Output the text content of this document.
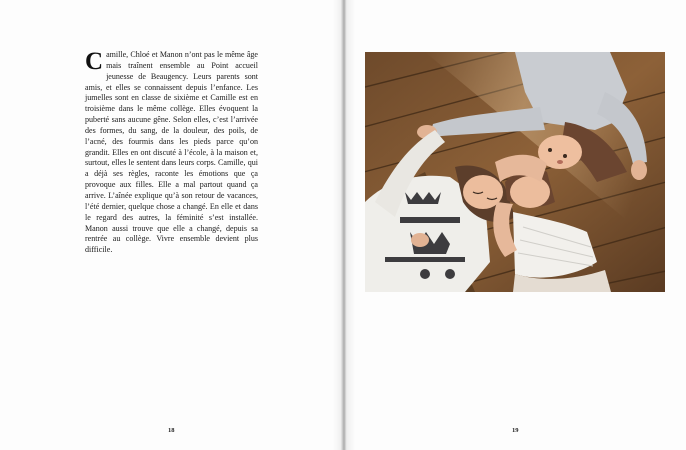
Camille, Chloé et Manon n’ont pas le même âge mais traînent ensemble au Point accueil jeunesse de Beaugency. Leurs parents sont amis, et elles se connaissent depuis l’enfance. Les jumelles sont en classe de sixième et Camille est en troisième dans le même collège. Elles évoquent la puberté sans aucune gêne. Selon elles, c’est l’arrivée des formes, du sang, de la douleur, des poils, de l’acné, des fourmis dans les pieds parce qu’on grandit. Elles en ont discuté à l’école, à la maison et, surtout, elles le sentent dans leurs corps. Camille, qui a déjà ses règles, raconte les émotions que ça provoque aux filles. Elle a mal partout quand ça arrive. L’aînée explique qu’à son retour de vacances, l’été dernier, quelque chose a changé. En elle et dans le regard des autres, la féminité s’est installée. Manon aussi trouve que elle a changé, depuis sa rentrée au collège. Vivre ensemble devient plus difficile.

18	19
